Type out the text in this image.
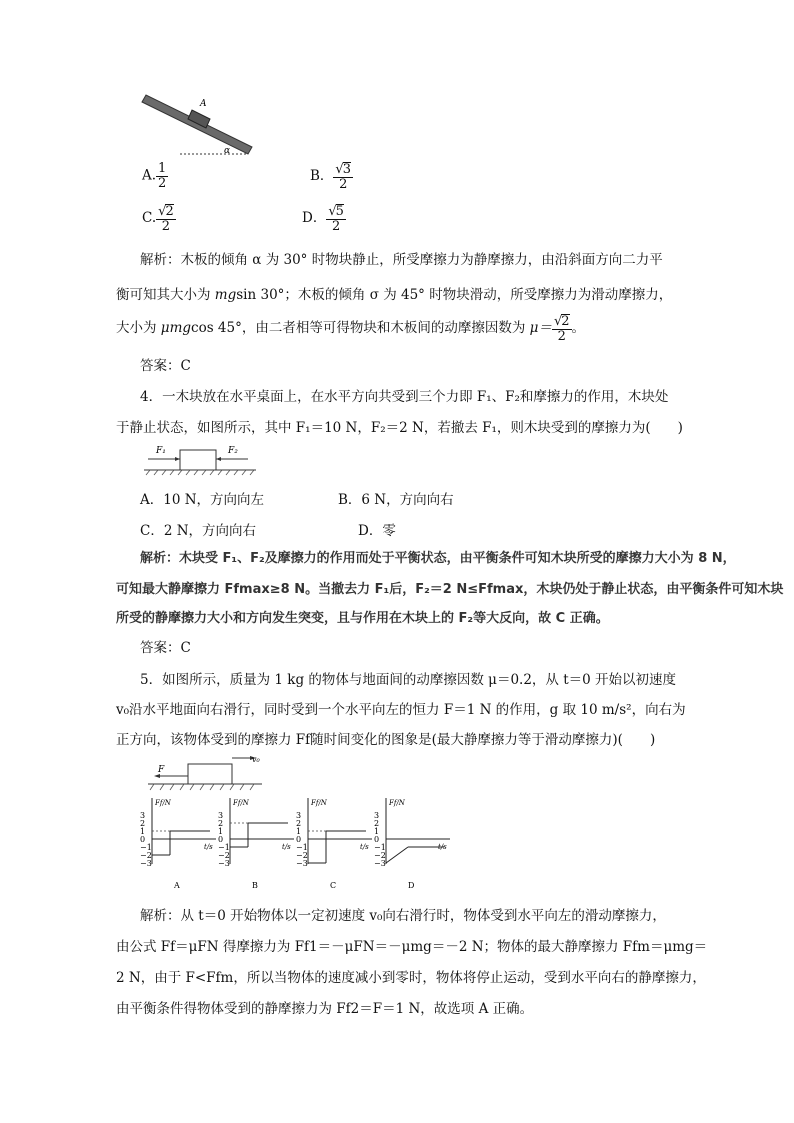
A
α
A. $\frac{1}{2}$	B． $\frac{√3}{2}$
C. $\frac{√2}{2}$	D． $\frac{√5}{2}$
解析：木板的倾角 α 为 30° 时物块静止，所受摩擦力为静摩擦力，由沿斜面方向二力平
衡可知其大小为 mgsin 30°；木板的倾角 σ 为 45° 时物块滑动，所受摩擦力为滑动摩擦力，
大小为 μmgcos 45°，由二者相等可得物块和木板间的动摩擦因数为 $\mu= \frac{√2}{2}$ 。
答案：C
4．一木块放在水平桌面上，在水平方向共受到三个力即 F₁、F₂和摩擦力的作用，木块处
于静止状态，如图所示，其中 F₁＝10 N，F₂＝2 N，若撤去 F₁，则木块受到的摩擦力为(　　)
F₁	F₂
A．10 N，方向向左	B．6 N，方向向右
C．2 N，方向向右	D．零
解析：木块受 F₁、F₂及摩擦力的作用而处于平衡状态，由平衡条件可知木块所受的摩擦力大小为 8 N，
可知最大静摩擦力 Ffmax≥8 N。当撤去力 F₁后，F₂＝2 N≤Ffmax，木块仍处于静止状态，由平衡条件可知木块
所受的静摩擦力大小和方向发生突变，且与作用在木块上的 F₂等大反向，故 C 正确。
答案：C
5．如图所示，质量为 1 kg 的物体与地面间的动摩擦因数 μ＝0.2，从 t＝0 开始以初速度
v₀沿水平地面向右滑行，同时受到一个水平向左的恒力 F＝1 N 的作用，g 取 10 m/s²，向右为
正方向，该物体受到的摩擦力 Ff随时间变化的图象是(最大静摩擦力等于滑动摩擦力)(　　)
F
v₀
3
2
1
0
−1
−2
−3
Ff/N
t/s
A
3
2
1
0
−1
−2
−3
Ff/N
t/s
B
3
2
1
0
−1
−2
−3
Ff/N
t/s
C
3
2
1
0
−1
−2
−3
Ff/N
t/s
D
解析：从 t＝0 开始物体以一定初速度 v₀向右滑行时，物体受到水平向左的滑动摩擦力，
由公式 Ff＝μFN 得摩擦力为 Ff1＝－μFN＝－μmg＝－2 N；物体的最大静摩擦力 Ffm＝μmg＝
2 N，由于 F<Ffm，所以当物体的速度减小到零时，物体将停止运动，受到水平向右的静摩擦力，
由平衡条件得物体受到的静摩擦力为 Ff2＝F＝1 N，故选项 A 正确。
